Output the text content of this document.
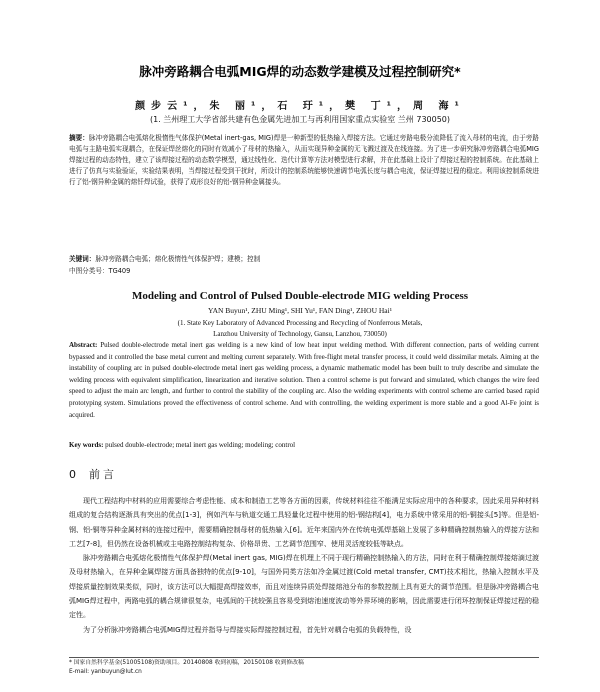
脉冲旁路耦合电弧MIG焊的动态数学建模及过程控制研究*
颜步云¹，朱 丽¹，石 玗¹，樊 丁¹，周 海¹
(1. 兰州理工大学省部共建有色金属先进加工与再利用国家重点实验室 兰州 730050)
摘要：脉冲旁路耦合电弧熔化极惰性气体保护(Metal inert-gas, MIG)焊是一种新型的低热输入焊接方法。它通过旁路电极分流降低了流入母材的电流，由于旁路电弧与主路电弧实现耦合，在保证焊丝熔化的同时有效减小了母材的热输入，从而实现异种金属的无飞溅过渡及在线连接。为了进一步研究脉冲旁路耦合电弧MIG焊接过程的动态特性，建立了该焊接过程的动态数学模型，通过线性化、迭代计算等方法对模型进行求解，并在此基础上设计了焊接过程的控制系统。在此基础上进行了仿真与实验验证，实验结果表明，当焊接过程受到干扰时，所设计的控制系统能够快速调节电弧长度与耦合电流，保证焊接过程的稳定。利用该控制系统进行了铝-钢异种金属的熔钎焊试验，获得了成形良好的铝-钢异种金属接头。
关键词：脉冲旁路耦合电弧；熔化极惰性气体保护焊；建模；控制
中图分类号：TG409
Modeling and Control of Pulsed Double-electrode MIG welding Process
YAN Buyun¹, ZHU Ming¹, SHI Yu¹, FAN Ding¹, ZHOU Hai¹
(1. State Key Laboratory of Advanced Processing and Recycling of Nonferrous Metals,
Lanzhou University of Technology, Gansu, Lanzhou, 730050)
Abstract: Pulsed double-electrode metal inert gas welding is a new kind of low heat input welding method. With different connection, parts of welding current bypassed and it controlled the base metal current and melting current separately. With free-flight metal transfer process, it could weld dissimilar metals. Aiming at the instability of coupling arc in pulsed double-electrode metal inert gas welding process, a dynamic mathematic model has been built to truly describe and simulate the welding process with equivalent simplification, linearization and iterative solution. Then a control scheme is put forward and simulated, which changes the wire feed speed to adjust the main arc length, and further to control the stability of the coupling arc. Also the welding experiments with control scheme are carried based rapid prototyping system. Simulations proved the effectiveness of control scheme. And with controlling, the welding experiment is more stable and a good Al-Fe joint is acquired.
Key words: pulsed double-electrode; metal inert gas welding; modeling; control
0 前言

现代工程结构中材料的应用需要综合考虑性能、成本和制造工艺等各方面的因素，传统材料往往不能满足实际应用中的各种要求，因此采用异种材料组成的复合结构逐渐具有突出的优点[1-3]，例如汽车与轨道交通工具轻量化过程中使用的铝-钢结构[4]，电力系统中常采用的铝-铜接头[5]等。但是铝-钢、铝-铜等异种金属材料的连接过程中，需要精确控制母材的低热输入[6]。近年来国内外在传统电弧焊基础上发展了多种精确控制热输入的焊接方法和工艺[7-8]，但仍然在设备机械或主电路控制结构复杂、价格昂贵、工艺调节范围窄、使用灵活度较低等缺点。

脉冲旁路耦合电弧熔化极惰性气体保护焊(Metal inert gas, MIG)焊在机理上不同于现行精确控制热输入的方法，同时在利于精确控制焊接熔滴过渡及母材热输入，在异种金属焊接方面具备独特的优点[9-10]，与国外同类方法如冷金属过渡(Cold metal transfer, CMT)技术相比，热输入控制水平及焊接质量控制效果类似，同时，该方法可以大幅提高焊接效率，而且对连续异质处焊接熔池分布的参数控制上具有更大的调节范围。但是脉冲旁路耦合电弧MIG焊过程中，两路电弧的耦合规律很复杂，电弧间的干扰较强且容易受到熔池速度波动等外界环境的影响，因此需要进行闭环控制保证焊接过程的稳定性。

为了分析脉冲旁路耦合电弧MIG焊过程并指导与焊接实际焊接控制过程，首先针对耦合电弧的负载特性，设

* 国家自然科学基金(51005108)资助项目。20140808 收到初稿，20150108 收到修改稿
E-mail: yanbuyun@lut.cn
